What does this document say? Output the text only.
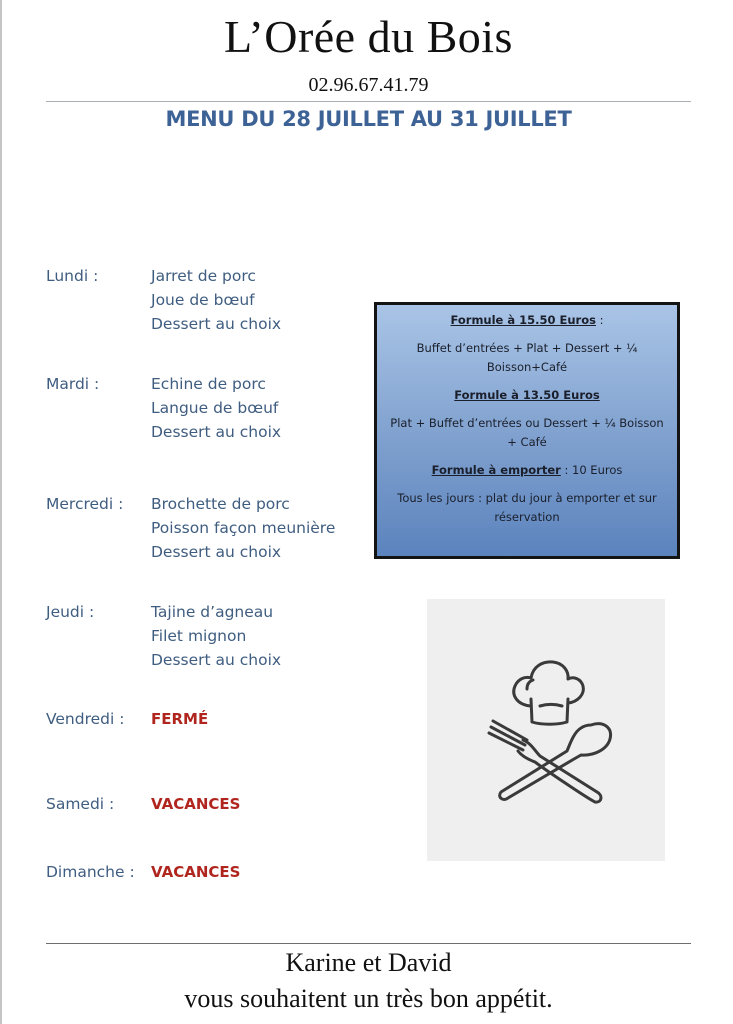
L’Orée du Bois
02.96.67.41.79
MENU DU 28 JUILLET AU 31 JUILLET
Lundi :	Jarret de porc
Joue de bœuf
Dessert au choix
Mardi :	Echine de porc
Langue de bœuf
Dessert au choix
Mercredi :	Brochette de porc
Poisson façon meunière
Dessert au choix
Jeudi :	Tajine d’agneau
Filet mignon
Dessert au choix
Vendredi :	FERMÉ
Samedi :	VACANCES
Dimanche :	VACANCES

Formule à 15.50 Euros :

Buffet d’entrées + Plat + Dessert + ¼ Boisson+Café

Formule à 13.50 Euros

Plat + Buffet d’entrées ou Dessert + ¼ Boisson + Café

Formule à emporter : 10 Euros

Tous les jours : plat du jour à emporter et sur réservation

Karine et David
vous souhaitent un très bon appétit.
